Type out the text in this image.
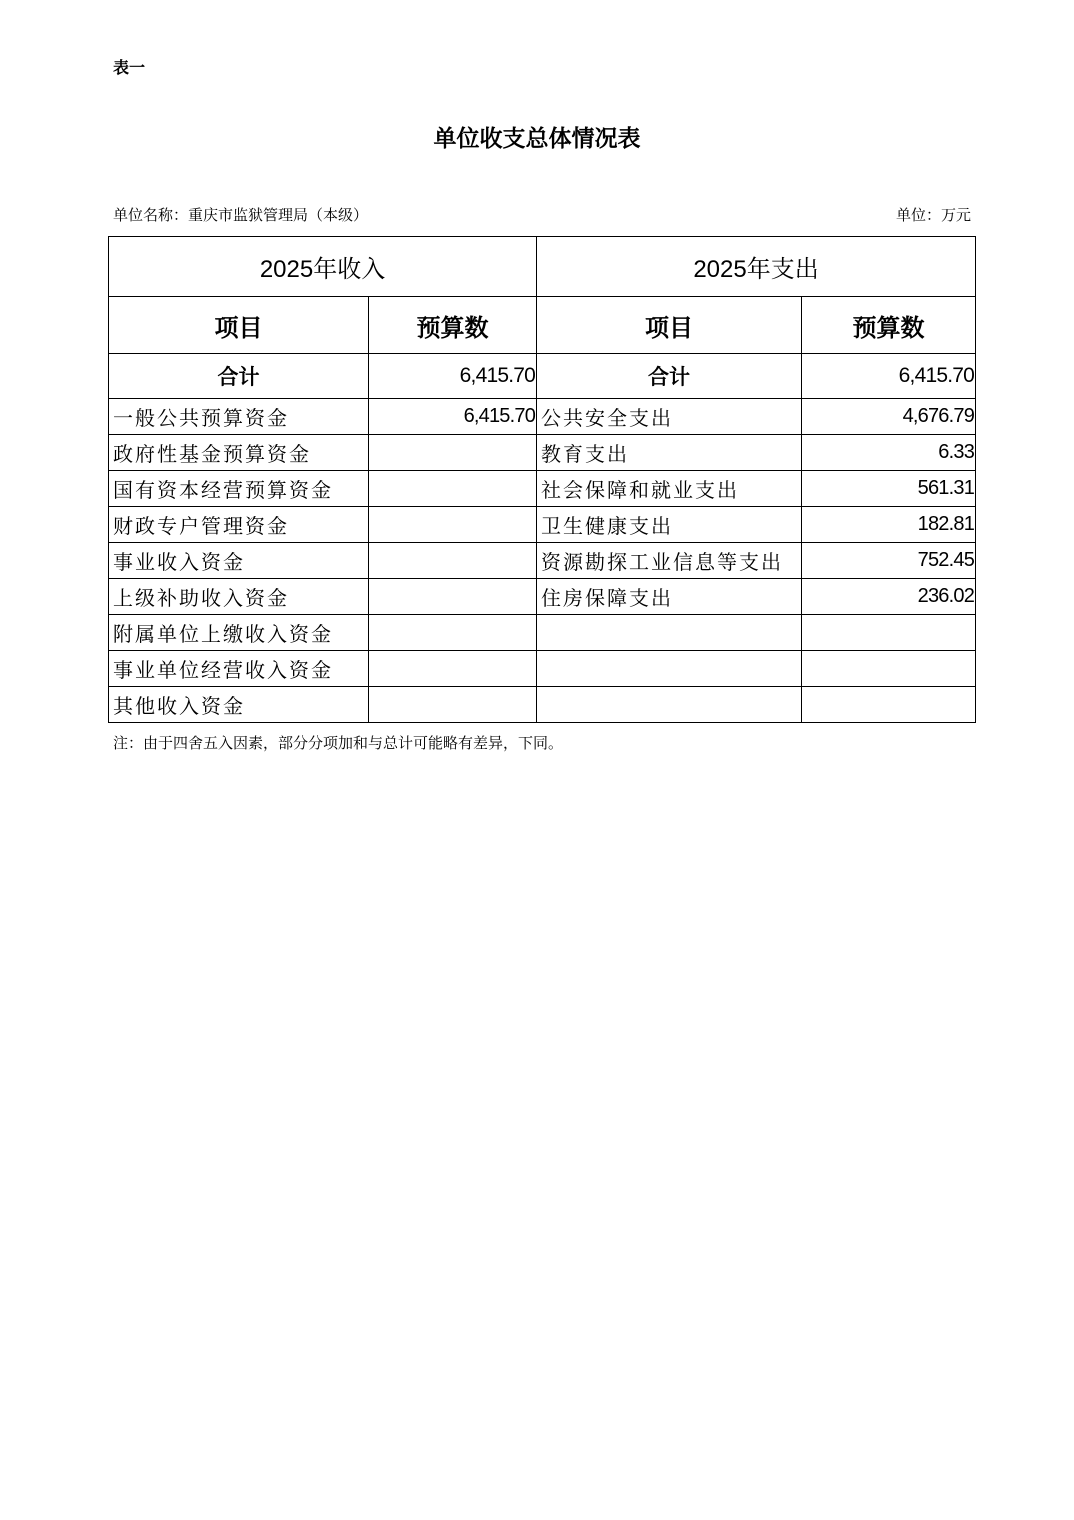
表一
单位收支总体情况表
单位名称：重庆市监狱管理局（本级）	单位：万元
2025年收入		2025年支出	
项目	预算数	项目	预算数
合计	6,415.70	合计	6,415.70
一般公共预算资金	6,415.70	公共安全支出	4,676.79
政府性基金预算资金		教育支出	6.33
国有资本经营预算资金		社会保障和就业支出	561.31
财政专户管理资金		卫生健康支出	182.81
事业收入资金		资源勘探工业信息等支出	752.45
上级补助收入资金		住房保障支出	236.02
附属单位上缴收入资金			
事业单位经营收入资金			
其他收入资金			
注：由于四舍五入因素，部分分项加和与总计可能略有差异，下同。
